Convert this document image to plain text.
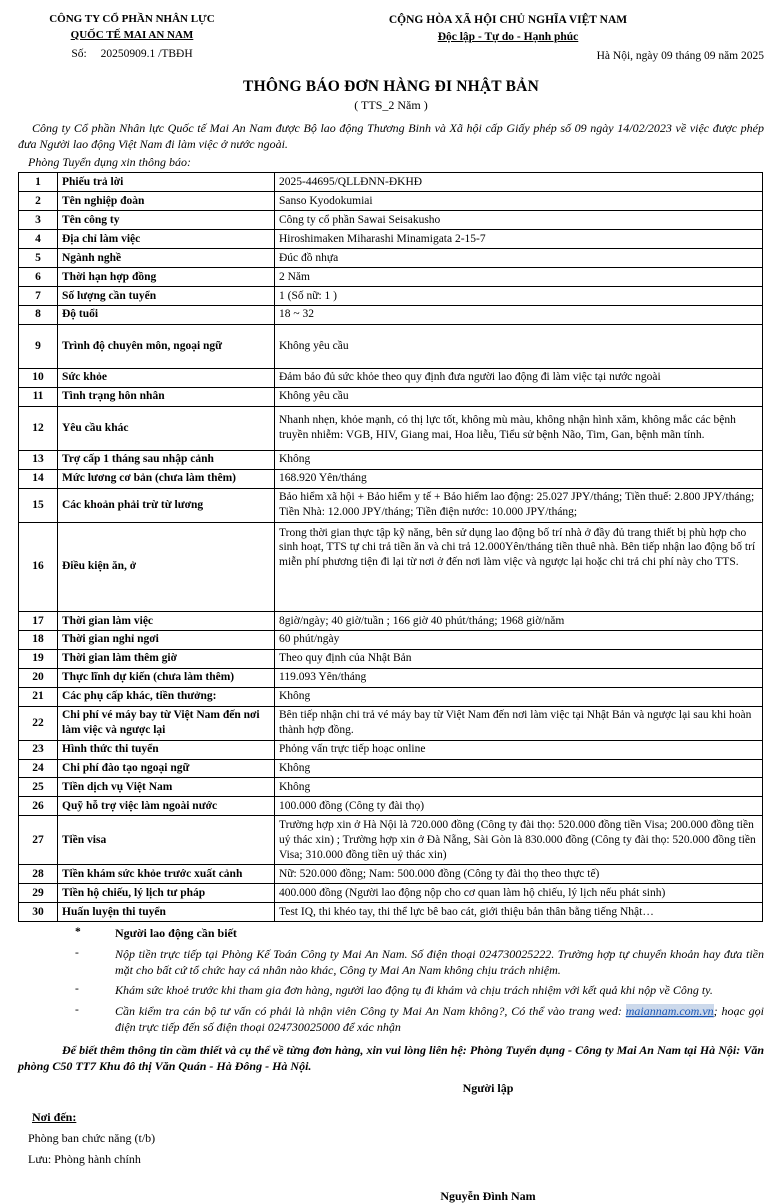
CÔNG TY CỔ PHẦN NHÂN LỰC
QUỐC TẾ MAI AN NAM
Số: 20250909.1 /TBĐH
CỘNG HÒA XÃ HỘI CHỦ NGHĨA VIỆT NAM
Độc lập - Tự do - Hạnh phúc
Hà Nội, ngày 09 tháng 09 năm 2025
THÔNG BÁO ĐƠN HÀNG ĐI NHẬT BẢN
( TTS_2 Năm )

Công ty Cổ phần Nhân lực Quốc tế Mai An Nam được Bộ lao động Thương Binh và Xã hội cấp Giấy phép số 09 ngày 14/02/2023 về việc được phép đưa Người lao động Việt Nam đi làm việc ở nước ngoài.

Phòng Tuyển dụng xin thông báo:

1	Phiếu trả lời	2025-44695/QLLĐNN-ĐKHĐ
2	Tên nghiệp đoàn	Sanso Kyodokumiai
3	Tên công ty	Công ty cổ phần Sawai Seisakusho
4	Địa chỉ làm việc	Hiroshimaken Miharashi Minamigata 2-15-7
5	Ngành nghề	Đúc đồ nhựa
6	Thời hạn hợp đồng	2 Năm
7	Số lượng cần tuyển	1 (Số nữ: 1 )
8	Độ tuổi	18 ~ 32
9	Trình độ chuyên môn, ngoại ngữ	Không yêu cầu
10	Sức khỏe	Đảm bảo đủ sức khỏe theo quy định đưa người lao động đi làm việc tại nước ngoài
11	Tình trạng hôn nhân	Không yêu cầu
12	Yêu cầu khác	Nhanh nhẹn, khỏe mạnh, có thị lực tốt, không mù màu, không nhận hình xăm, không mắc các bệnh truyền nhiễm: VGB, HIV, Giang mai, Hoa liễu, Tiểu sử bệnh Não, Tim, Gan, bệnh mãn tính.
13	Trợ cấp 1 tháng sau nhập cảnh	Không
14	Mức lương cơ bản (chưa làm thêm)	168.920 Yên/tháng
15	Các khoản phải trừ từ lương	Bảo hiểm xã hội + Bảo hiểm y tế + Bảo hiểm lao động: 25.027 JPY/tháng; Tiền thuế: 2.800 JPY/tháng; Tiền Nhà: 12.000 JPY/tháng; Tiền điện nước: 10.000 JPY/tháng;
16	Điều kiện ăn, ở	Trong thời gian thực tập kỹ năng, bên sử dụng lao động bố trí nhà ở đầy đủ trang thiết bị phù hợp cho sinh hoạt, TTS tự chi trả tiền ăn và chi trả 12.000Yên/tháng tiền thuê nhà. Bên tiếp nhận lao động bố trí miễn phí phương tiện đi lại từ nơi ở đến nơi làm việc và ngược lại hoặc chi trả chi phí này cho TTS.
17	Thời gian làm việc	8giờ/ngày; 40 giờ/tuần ; 166 giờ 40 phút/tháng; 1968 giờ/năm
18	Thời gian nghỉ ngơi	60 phút/ngày
19	Thời gian làm thêm giờ	Theo quy định của Nhật Bản
20	Thực lĩnh dự kiến (chưa làm thêm)	119.093 Yên/tháng
21	Các phụ cấp khác, tiền thưởng:	Không
22	Chi phí vé máy bay từ Việt Nam đến nơi làm việc và ngược lại	Bên tiếp nhận chi trả vé máy bay từ Việt Nam đến nơi làm việc tại Nhật Bản và ngược lại sau khi hoàn thành hợp đồng.
23	Hình thức thi tuyển	Phỏng vấn trực tiếp hoạc online
24	Chi phí đào tạo ngoại ngữ	Không
25	Tiền dịch vụ Việt Nam	Không
26	Quỹ hỗ trợ việc làm ngoài nước	100.000 đồng (Công ty đài thọ)
27	Tiền visa	Trường hợp xin ở Hà Nội là 720.000 đồng (Công ty đài thọ: 520.000 đồng tiền Visa; 200.000 đồng tiền uỷ thác xin) ; Trường hợp xin ở Đà Nẵng, Sài Gòn là 830.000 đồng (Công ty đài thọ: 520.000 đồng tiền Visa; 310.000 đồng tiền uỷ thác xin)
28	Tiền khám sức khỏe trước xuất cảnh	Nữ: 520.000 đồng; Nam: 500.000 đồng (Công ty đài thọ theo thực tế)
29	Tiền hộ chiếu, lý lịch tư pháp	400.000 đồng (Người lao động nộp cho cơ quan làm hộ chiếu, lý lịch nếu phát sinh)
30	Huấn luyện thi tuyển	Test IQ, thi khéo tay, thi thể lực bê bao cát, giới thiệu bản thân bằng tiếng Nhật…
*	Người lao động cần biết
-	Nộp tiền trực tiếp tại Phòng Kế Toán Công ty Mai An Nam. Số điện thoại 024730025222. Trường hợp tự chuyển khoản hay đưa tiền mặt cho bất cứ tổ chức hay cá nhân nào khác, Công ty Mai An Nam không chịu trách nhiệm.
-	Khám sức khoẻ trước khi tham gia đơn hàng, người lao động tụ đi khám và chịu trách nhiệm với kết quả khi nộp về Công ty.
-	Cần kiểm tra cán bộ tư vấn có phải là nhận viên Công ty Mai An Nam không?, Có thể vào trang wed: maiannam.com.vn; hoạc gọi điện trực tiếp đến số điện thoại 024730025000 để xác nhận

Để biết thêm thông tin cầm thiết và cụ thể về từng đơn hàng, xin vui lòng liên hệ: Phòng Tuyển dụng - Công ty Mai An Nam tại Hà Nội: Văn phòng C50 TT7 Khu đô thị Văn Quán - Hà Đông - Hà Nội.

Người lập
Nơi đến:
Phòng ban chức năng (t/b)
Lưu: Phòng hành chính
Nguyễn Đình Nam
